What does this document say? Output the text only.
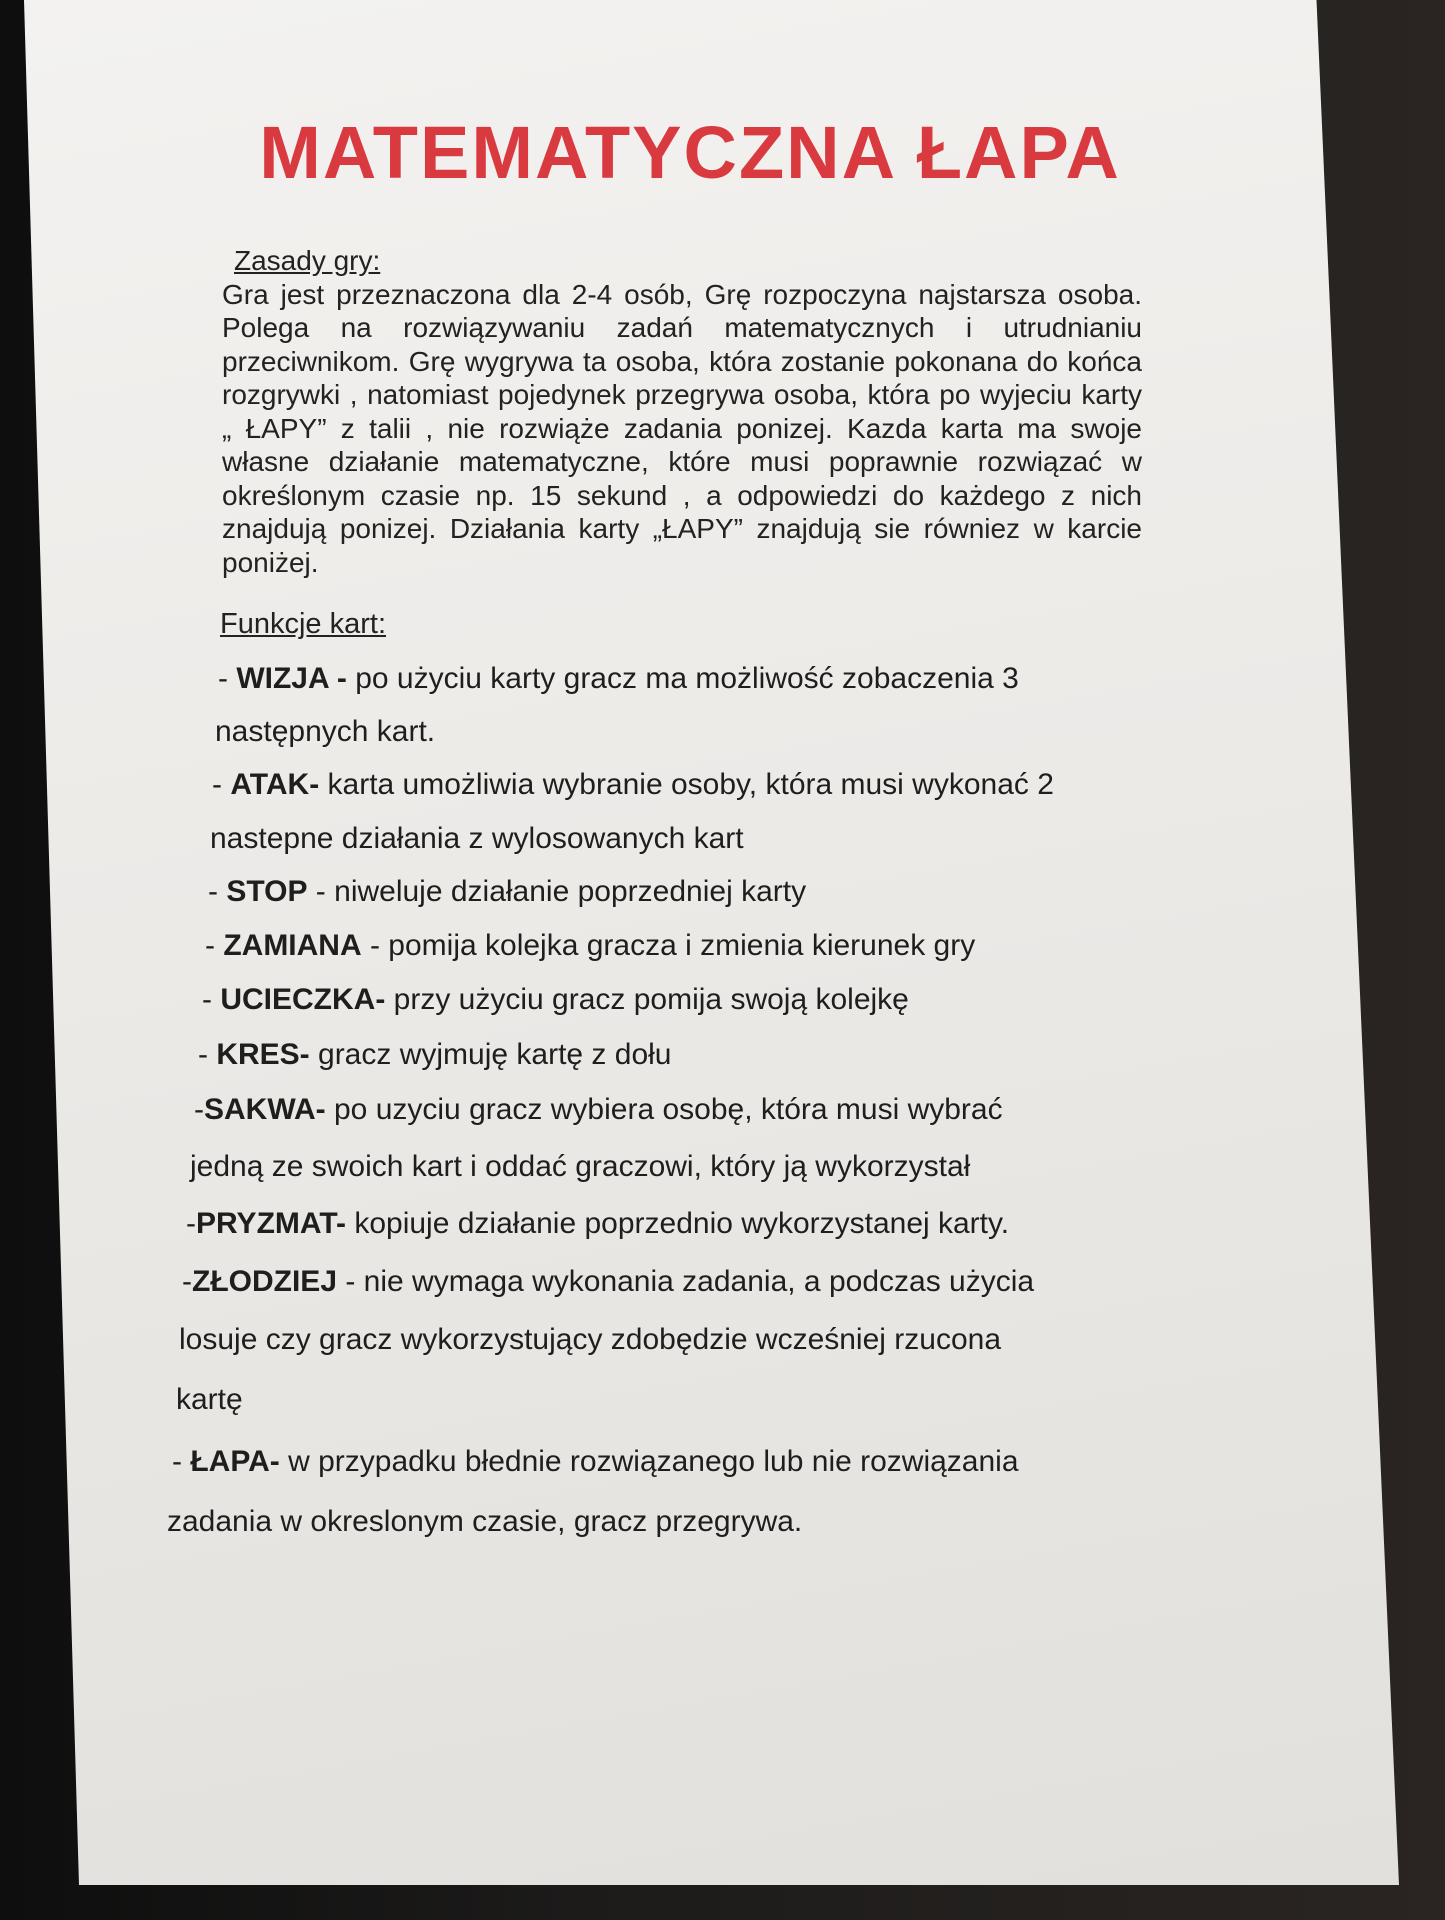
MATEMATYCZNA ŁAPA
Zasady gry:
Gra jest przeznaczona dla 2-4 osób, Grę rozpoczyna najstarsza osoba. Polega na rozwiązywaniu zadań matematycznych i utrudnianiu przeciwnikom. Grę wygrywa ta osoba, która zostanie pokonana do końca rozgrywki , natomiast pojedynek przegrywa osoba, która po wyjeciu karty „ ŁAPY” z talii , nie rozwiąże zadania ponizej. Kazda karta ma swoje własne działanie matematyczne, które musi poprawnie rozwiązać w określonym czasie np. 15 sekund , a odpowiedzi do każdego z nich znajdują ponizej. Działania karty „ŁAPY” znajdują sie równiez w karcie poniżej.
Funkcje kart:
- WIZJA - po użyciu karty gracz ma możliwość zobaczenia 3
następnych kart.
- ATAK- karta umożliwia wybranie osoby, która musi wykonać 2
nastepne działania z wylosowanych kart
- STOP - niweluje działanie poprzedniej karty
- ZAMIANA - pomija kolejka gracza i zmienia kierunek gry
- UCIECZKA- przy użyciu gracz pomija swoją kolejkę
- KRES- gracz wyjmuję kartę z dołu
-SAKWA- po uzyciu gracz wybiera osobę, która musi wybrać
jedną ze swoich kart i oddać graczowi, który ją wykorzystał
-PRYZMAT- kopiuje działanie poprzednio wykorzystanej karty.
-ZŁODZIEJ - nie wymaga wykonania zadania, a podczas użycia
losuje czy gracz wykorzystujący zdobędzie wcześniej rzucona
kartę
- ŁAPA- w przypadku błednie rozwiązanego lub nie rozwiązania
zadania w okreslonym czasie, gracz przegrywa.
